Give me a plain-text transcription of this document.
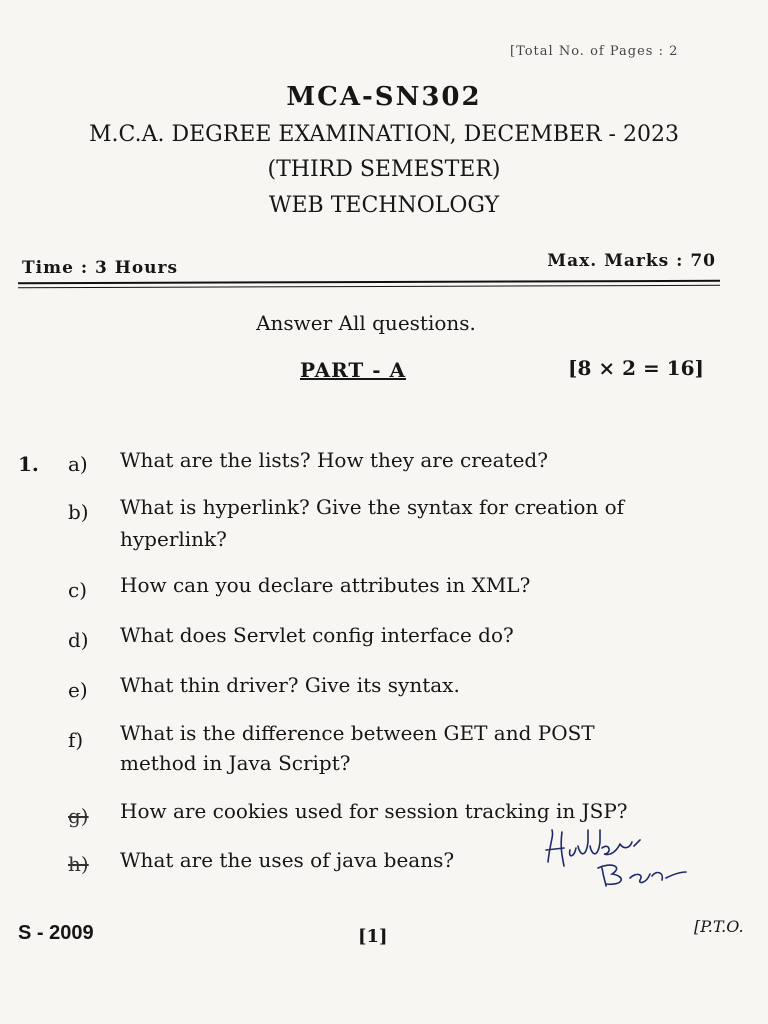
[Total No. of Pages : 2
MCA-SN302
M.C.A. DEGREE EXAMINATION, DECEMBER - 2023
(THIRD SEMESTER)
WEB TECHNOLOGY
Time : 3 Hours	Max. Marks : 70
Answer All questions.
PART - A	[8 × 2 = 16]
1. a) What are the lists? How they are created?
b) What is hyperlink? Give the syntax for creation of
hyperlink?
c) How can you declare attributes in XML?
d) What does Servlet config interface do?
e) What thin driver? Give its syntax.
f) What is the difference between GET and POST
method in Java Script?
g) How are cookies used for session tracking in JSP?
h) What are the uses of java beans?
S - 2009	[1]	[P.T.O.
